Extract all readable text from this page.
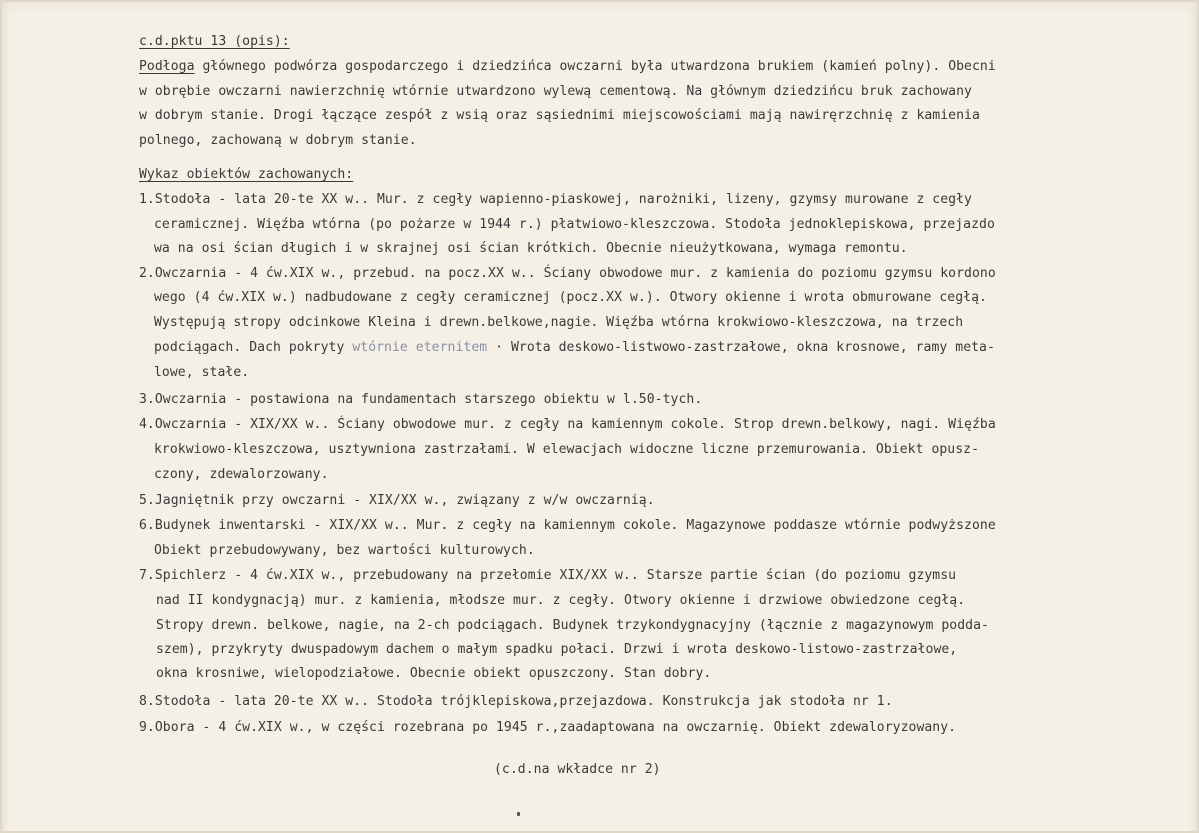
c.d.pktu 13 (opis):
Podłoga głównego podwórza gospodarczego i dziedzińca owczarni była utwardzona brukiem (kamień polny). Obecni
w obrębie owczarni nawierzchnię wtórnie utwardzono wylewą cementową. Na głównym dziedzińcu bruk zachowany
w dobrym stanie. Drogi łączące zespół z wsią oraz sąsiednimi miejscowościami mają nawiręrzchnię z kamienia
polnego, zachowaną w dobrym stanie.
Wykaz obiektów zachowanych:
1.Stodoła - lata 20-te XX w.. Mur. z cegły wapienno-piaskowej, narożniki, lizeny, gzymsy murowane z cegły
ceramicznej. Więźba wtórna (po pożarze w 1944 r.) płatwiowo-kleszczowa. Stodoła jednoklepiskowa, przejazdo
wa na osi ścian długich i w skrajnej osi ścian krótkich. Obecnie nieużytkowana, wymaga remontu.
2.Owczarnia - 4 ćw.XIX w., przebud. na pocz.XX w.. Ściany obwodowe mur. z kamienia do poziomu gzymsu kordono
wego (4 ćw.XIX w.) nadbudowane z cegły ceramicznej (pocz.XX w.). Otwory okienne i wrota obmurowane cegłą.
Występują stropy odcinkowe Kleina i drewn.belkowe,nagie. Więźba wtórna krokwiowo-kleszczowa, na trzech
podciągach. Dach pokryty wtórnie eternitem · Wrota deskowo-listwowo-zastrzałowe, okna krosnowe, ramy meta-
lowe, stałe.
3.Owczarnia - postawiona na fundamentach starszego obiektu w l.50-tych.
4.Owczarnia - XIX/XX w.. Ściany obwodowe mur. z cegły na kamiennym cokole. Strop drewn.belkowy, nagi. Więźba
krokwiowo-kleszczowa, usztywniona zastrzałami. W elewacjach widoczne liczne przemurowania. Obiekt opusz-
czony, zdewalorzowany.
5.Jagniętnik przy owczarni - XIX/XX w., związany z w/w owczarnią.
6.Budynek inwentarski - XIX/XX w.. Mur. z cegły na kamiennym cokole. Magazynowe poddasze wtórnie podwyższone
Obiekt przebudowywany, bez wartości kulturowych.
7.Spichlerz - 4 ćw.XIX w., przebudowany na przełomie XIX/XX w.. Starsze partie ścian (do poziomu gzymsu
nad II kondygnacją) mur. z kamienia, młodsze mur. z cegły. Otwory okienne i drzwiowe obwiedzone cegłą.
Stropy drewn. belkowe, nagie, na 2-ch podciągach. Budynek trzykondygnacyjny (łącznie z magazynowym podda-
szem), przykryty dwuspadowym dachem o małym spadku połaci. Drzwi i wrota deskowo-listowo-zastrzałowe,
okna krosniwe, wielopodziałowe. Obecnie obiekt opuszczony. Stan dobry.
8.Stodoła - lata 20-te XX w.. Stodoła trójklepiskowa,przejazdowa. Konstrukcja jak stodoła nr 1.
9.Obora - 4 ćw.XIX w., w części rozebrana po 1945 r.,zaadaptowana na owczarnię. Obiekt zdewaloryzowany.
(c.d.na wkładce nr 2)
